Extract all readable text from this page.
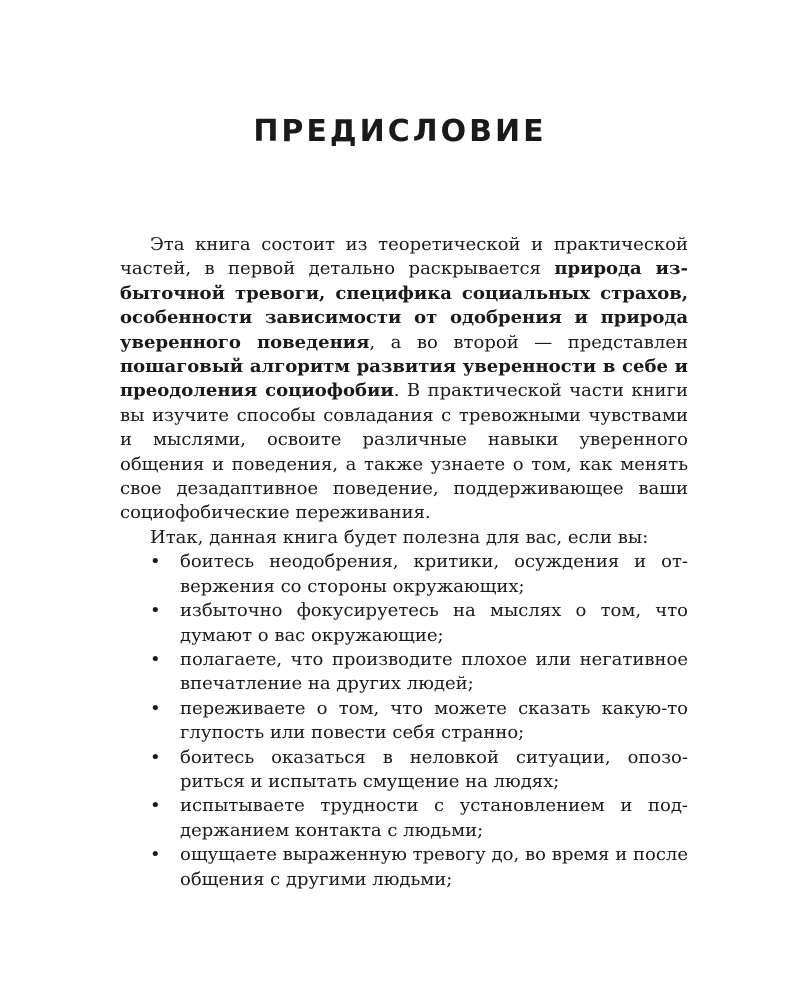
ПРЕДИСЛОВИЕ

Эта книга состоит из теоретической и практической частей, в первой детально раскрывается природа избыточной тревоги, специфика социальных страхов, особенности зависимости от одобрения и природа уверенного поведения, а во второй — представлен пошаговый алгоритм развития уверенности в себе и преодоления социофобии. В практической части книги вы изучите способы совладания с тревожными чувствами и мыслями, освоите различные навыки уверенного общения и поведения, а также узнаете о том, как менять свое дезадаптивное поведение, поддерживающее ваши социофобические переживания.

Итак, данная книга будет полезна для вас, если вы:

• боитесь неодобрения, критики, осуждения и отвержения со стороны окружающих;
• избыточно фокусируетесь на мыслях о том, что думают о вас окружающие;
• полагаете, что производите плохое или негативное впечатление на других людей;
• переживаете о том, что можете сказать какую-то глупость или повести себя странно;
• боитесь оказаться в неловкой ситуации, опозориться и испытать смущение на людях;
• испытываете трудности с установлением и поддержанием контакта с людьми;
• ощущаете выраженную тревогу до, во время и после общения с другими людьми;
